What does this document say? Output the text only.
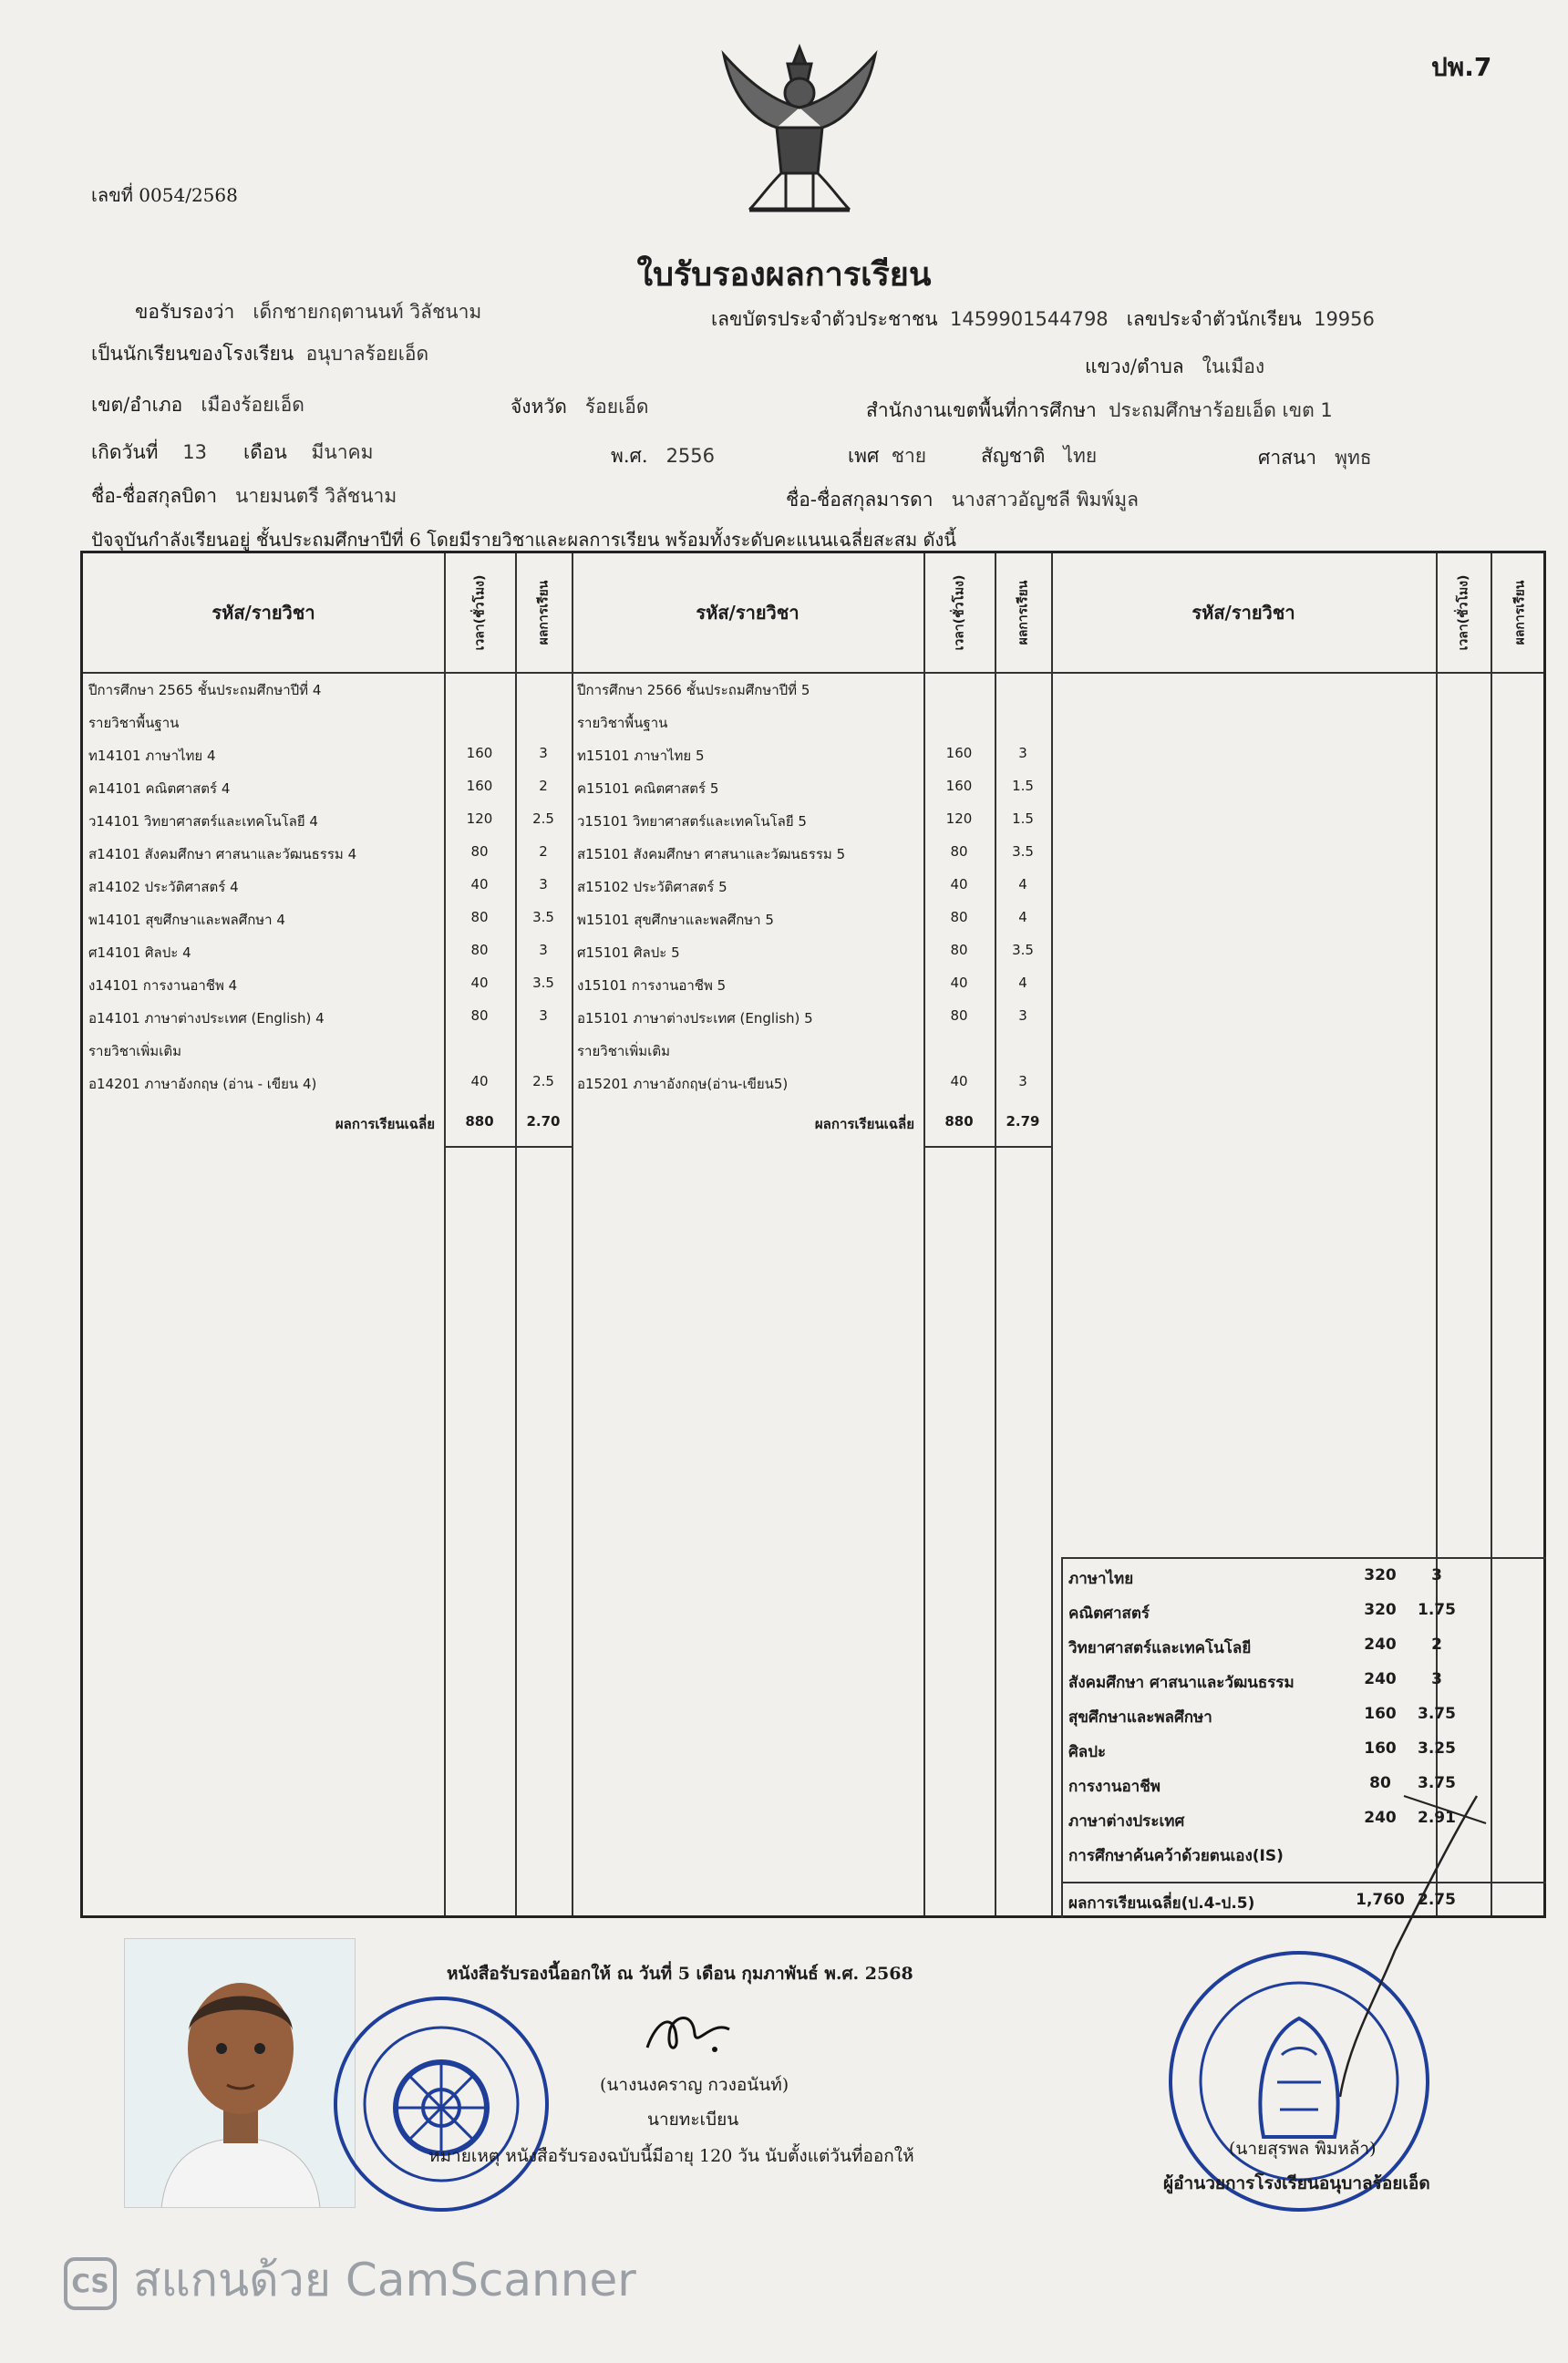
ปพ.7
เลขที่ 0054/2568
ใบรับรองผลการเรียน
ขอรับรองว่า เด็กชายกฤตานนท์ วิลัชนาม	เลขบัตรประจำตัวประชาชน 1459901544798 เลขประจำตัวนักเรียน 19956
เป็นนักเรียนของโรงเรียน อนุบาลร้อยเอ็ด
แขวง/ตำบล ในเมือง
เขต/อำเภอ เมืองร้อยเอ็ด	จังหวัด ร้อยเอ็ด	สำนักงานเขตพื้นที่การศึกษา ประถมศึกษาร้อยเอ็ด เขต 1
เกิดวันที่ 13 เดือน มีนาคม	พ.ศ. 2556	เพศ ชาย	สัญชาติ ไทย	ศาสนา พุทธ
ชื่อ-ชื่อสกุลบิดา นายมนตรี วิลัชนาม	ชื่อ-ชื่อสกุลมารดา นางสาวอัญชลี พิมพ์มูล
ปัจจุบันกำลังเรียนอยู่ ชั้นประถมศึกษาปีที่ 6 โดยมีรายวิชาและผลการเรียน พร้อมทั้งระดับคะแนนเฉลี่ยสะสม ดังนี้
รหัส/รายวิชา	เวลา(ชั่วโมง)	ผลการเรียน	รหัส/รายวิชา	เวลา(ชั่วโมง)	ผลการเรียน	รหัส/รายวิชา	เวลา(ชั่วโมง)	ผลการเรียน
ปีการศึกษา 2565 ชั้นประถมศึกษาปีที่ 4
รายวิชาพื้นฐาน
ท14101 ภาษาไทย 4	160	3
ค14101 คณิตศาสตร์ 4	160	2
ว14101 วิทยาศาสตร์และเทคโนโลยี 4	120	2.5
ส14101 สังคมศึกษา ศาสนาและวัฒนธรรม 4	80	2
ส14102 ประวัติศาสตร์ 4	40	3
พ14101 สุขศึกษาและพลศึกษา 4	80	3.5
ศ14101 ศิลปะ 4	80	3
ง14101 การงานอาชีพ 4	40	3.5
อ14101 ภาษาต่างประเทศ (English) 4	80	3
รายวิชาเพิ่มเติม
อ14201 ภาษาอังกฤษ (อ่าน - เขียน 4)	40	2.5
ปีการศึกษา 2566 ชั้นประถมศึกษาปีที่ 5
รายวิชาพื้นฐาน
ท15101 ภาษาไทย 5	160	3
ค15101 คณิตศาสตร์ 5	160	1.5
ว15101 วิทยาศาสตร์และเทคโนโลยี 5	120	1.5
ส15101 สังคมศึกษา ศาสนาและวัฒนธรรม 5	80	3.5
ส15102 ประวัติศาสตร์ 5	40	4
พ15101 สุขศึกษาและพลศึกษา 5	80	4
ศ15101 ศิลปะ 5	80	3.5
ง15101 การงานอาชีพ 5	40	4
อ15101 ภาษาต่างประเทศ (English) 5	80	3
รายวิชาเพิ่มเติม
อ15201 ภาษาอังกฤษ(อ่าน-เขียน5)	40	3
ผลการเรียนเฉลี่ย	880	2.70	ผลการเรียนเฉลี่ย	880	2.79
ภาษาไทย	320	3
คณิตศาสตร์	320	1.75
วิทยาศาสตร์และเทคโนโลยี	240	2
สังคมศึกษา ศาสนาและวัฒนธรรม	240	3
สุขศึกษาและพลศึกษา	160	3.75
ศิลปะ	160	3.25
การงานอาชีพ	80	3.75
ภาษาต่างประเทศ	240	2.91
การศึกษาค้นคว้าด้วยตนเอง(IS)
ผลการเรียนเฉลี่ย(ป.4-ป.5)	1,760 2.75
หนังสือรับรองนี้ออกให้ ณ วันที่ 5 เดือน กุมภาพันธ์ พ.ศ. 2568
(นางนงคราญ กวงอนันท์)
นายทะเบียน
หมายเหตุ หนังสือรับรองฉบับนี้มีอายุ 120 วัน นับตั้งแต่วันที่ออกให้	(นายสุรพล พิมหล้า)
ผู้อำนวยการโรงเรียนอนุบาลร้อยเอ็ด
CS สแกนด้วย CamScanner
